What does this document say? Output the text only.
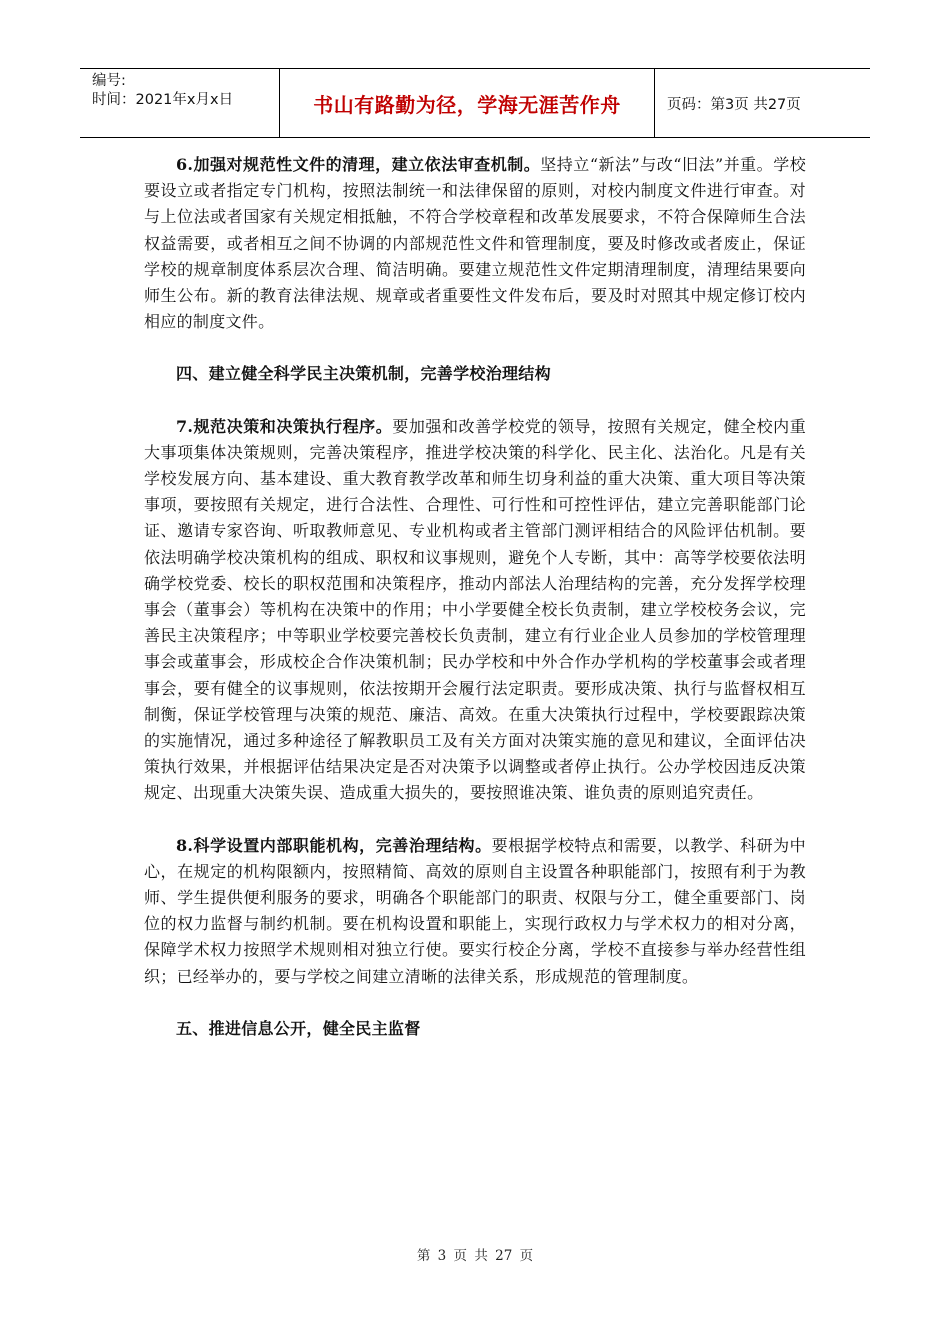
编号:
时间：2021年x月x日	书山有路勤为径，学海无涯苦作舟	页码：第3页 共27页

6.加强对规范性文件的清理，建立依法审查机制。坚持立“新法”与改“旧法”并重。学校要设立或者指定专门机构，按照法制统一和法律保留的原则，对校内制度文件进行审查。对与上位法或者国家有关规定相抵触，不符合学校章程和改革发展要求，不符合保障师生合法权益需要，或者相互之间不协调的内部规范性文件和管理制度，要及时修改或者废止，保证学校的规章制度体系层次合理、简洁明确。要建立规范性文件定期清理制度，清理结果要向师生公布。新的教育法律法规、规章或者重要性文件发布后，要及时对照其中规定修订校内相应的制度文件。

四、建立健全科学民主决策机制，完善学校治理结构

7.规范决策和决策执行程序。要加强和改善学校党的领导，按照有关规定，健全校内重大事项集体决策规则，完善决策程序，推进学校决策的科学化、民主化、法治化。凡是有关学校发展方向、基本建设、重大教育教学改革和师生切身利益的重大决策、重大项目等决策事项，要按照有关规定，进行合法性、合理性、可行性和可控性评估，建立完善职能部门论证、邀请专家咨询、听取教师意见、专业机构或者主管部门测评相结合的风险评估机制。要依法明确学校决策机构的组成、职权和议事规则，避免个人专断，其中：高等学校要依法明确学校党委、校长的职权范围和决策程序，推动内部法人治理结构的完善，充分发挥学校理事会（董事会）等机构在决策中的作用；中小学要健全校长负责制，建立学校校务会议，完善民主决策程序；中等职业学校要完善校长负责制，建立有行业企业人员参加的学校管理理事会或董事会，形成校企合作决策机制；民办学校和中外合作办学机构的学校董事会或者理事会，要有健全的议事规则，依法按期开会履行法定职责。要形成决策、执行与监督权相互制衡，保证学校管理与决策的规范、廉洁、高效。在重大决策执行过程中，学校要跟踪决策的实施情况，通过多种途径了解教职员工及有关方面对决策实施的意见和建议，全面评估决策执行效果，并根据评估结果决定是否对决策予以调整或者停止执行。公办学校因违反决策规定、出现重大决策失误、造成重大损失的，要按照谁决策、谁负责的原则追究责任。

8.科学设置内部职能机构，完善治理结构。要根据学校特点和需要，以教学、科研为中心，在规定的机构限额内，按照精简、高效的原则自主设置各种职能部门，按照有利于为教师、学生提供便利服务的要求，明确各个职能部门的职责、权限与分工，健全重要部门、岗位的权力监督与制约机制。要在机构设置和职能上，实现行政权力与学术权力的相对分离，保障学术权力按照学术规则相对独立行使。要实行校企分离，学校不直接参与举办经营性组织；已经举办的，要与学校之间建立清晰的法律关系，形成规范的管理制度。

五、推进信息公开，健全民主监督

第 3 页 共 27 页
